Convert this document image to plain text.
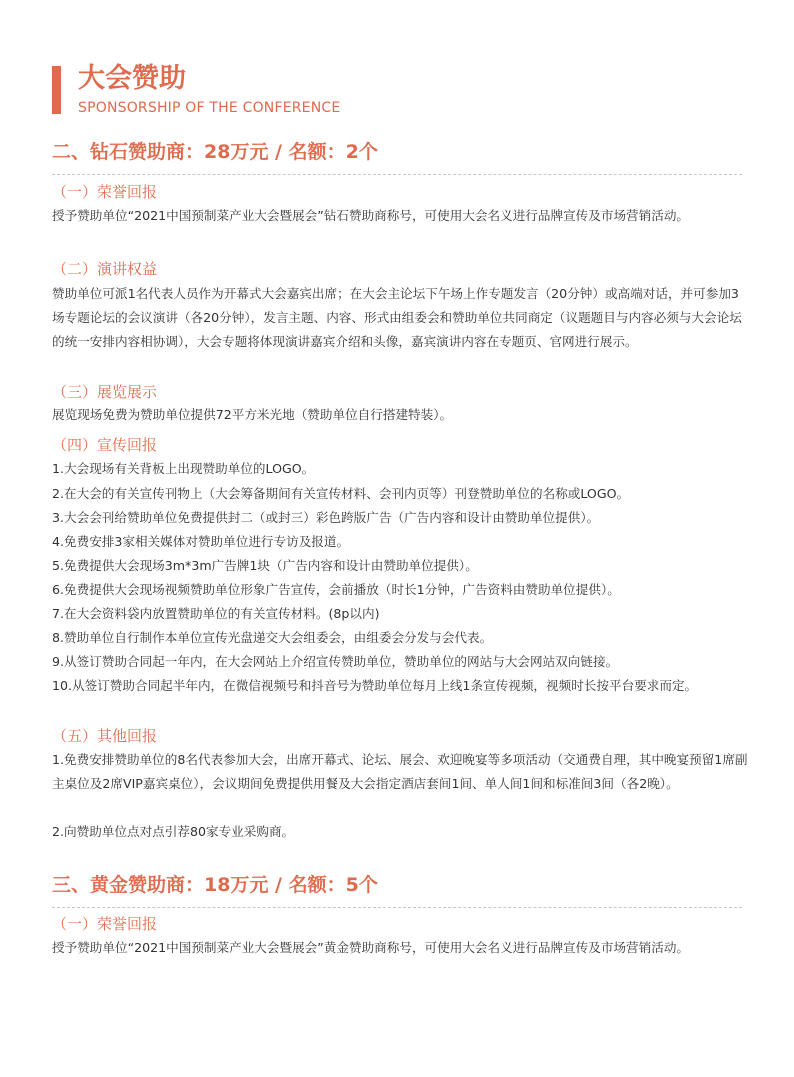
大会赞助
SPONSORSHIP OF THE CONFERENCE
二、钻石赞助商：28万元 / 名额：2个
（一）荣誉回报
授予赞助单位“2021中国预制菜产业大会暨展会”钻石赞助商称号，可使用大会名义进行品牌宣传及市场营销活动。
（二）演讲权益
赞助单位可派1名代表人员作为开幕式大会嘉宾出席；在大会主论坛下午场上作专题发言（20分钟）或高端对话，并可参加3场专题论坛的会议演讲（各20分钟），发言主题、内容、形式由组委会和赞助单位共同商定（议题题目与内容必须与大会论坛的统一安排内容相协调），大会专题将体现演讲嘉宾介绍和头像，嘉宾演讲内容在专题页、官网进行展示。
（三）展览展示
展览现场免费为赞助单位提供72平方米光地（赞助单位自行搭建特装）。
（四）宣传回报
1.大会现场有关背板上出现赞助单位的LOGO。
2.在大会的有关宣传刊物上（大会筹备期间有关宣传材料、会刊内页等）刊登赞助单位的名称或LOGO。
3.大会会刊给赞助单位免费提供封二（或封三）彩色跨版广告（广告内容和设计由赞助单位提供）。
4.免费安排3家相关媒体对赞助单位进行专访及报道。
5.免费提供大会现场3m*3m广告牌1块（广告内容和设计由赞助单位提供）。
6.免费提供大会现场视频赞助单位形象广告宣传，会前播放（时长1分钟，广告资料由赞助单位提供）。
7.在大会资料袋内放置赞助单位的有关宣传材料。(8p以内)
8.赞助单位自行制作本单位宣传光盘递交大会组委会，由组委会分发与会代表。
9.从签订赞助合同起一年内，在大会网站上介绍宣传赞助单位，赞助单位的网站与大会网站双向链接。
10.从签订赞助合同起半年内，在微信视频号和抖音号为赞助单位每月上线1条宣传视频，视频时长按平台要求而定。
（五）其他回报
1.免费安排赞助单位的8名代表参加大会，出席开幕式、论坛、展会、欢迎晚宴等多项活动（交通费自理，其中晚宴预留1席副主桌位及2席VIP嘉宾桌位），会议期间免费提供用餐及大会指定酒店套间1间、单人间1间和标准间3间（各2晚）。
2.向赞助单位点对点引荐80家专业采购商。
三、黄金赞助商：18万元 / 名额：5个
（一）荣誉回报
授予赞助单位“2021中国预制菜产业大会暨展会”黄金赞助商称号，可使用大会名义进行品牌宣传及市场营销活动。
